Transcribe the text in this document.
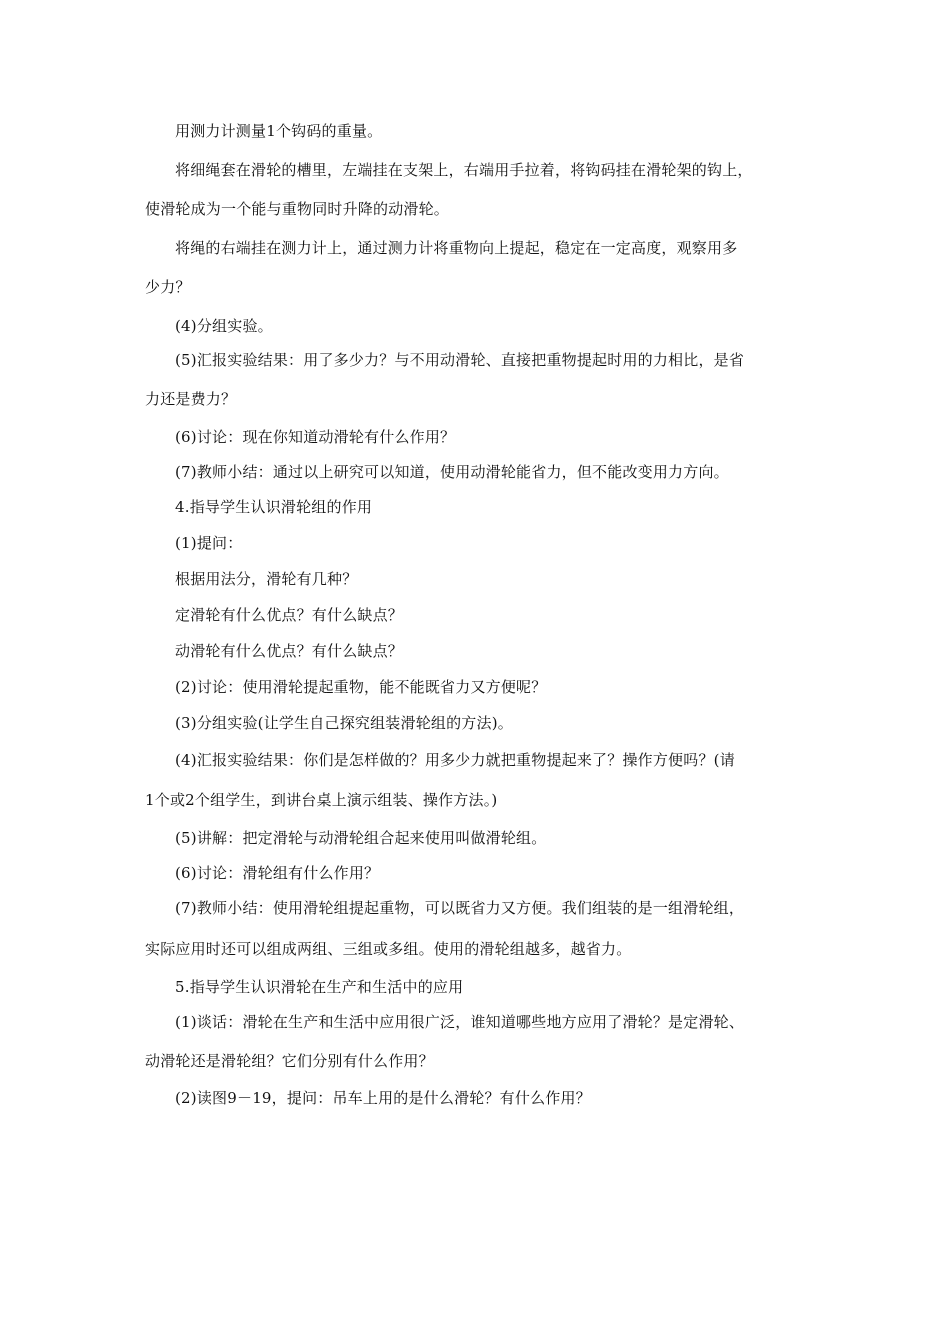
用测力计测量1个钩码的重量。
将细绳套在滑轮的槽里，左端挂在支架上，右端用手拉着，将钩码挂在滑轮架的钩上，
使滑轮成为一个能与重物同时升降的动滑轮。
将绳的右端挂在测力计上，通过测力计将重物向上提起，稳定在一定高度，观察用多
少力？
(4)分组实验。
(5)汇报实验结果：用了多少力？与不用动滑轮、直接把重物提起时用的力相比，是省
力还是费力？
(6)讨论：现在你知道动滑轮有什么作用？
(7)教师小结：通过以上研究可以知道，使用动滑轮能省力，但不能改变用力方向。
4.指导学生认识滑轮组的作用
(1)提问：
根据用法分，滑轮有几种？
定滑轮有什么优点？有什么缺点？
动滑轮有什么优点？有什么缺点？
(2)讨论：使用滑轮提起重物，能不能既省力又方便呢？
(3)分组实验(让学生自己探究组装滑轮组的方法)。
(4)汇报实验结果：你们是怎样做的？用多少力就把重物提起来了？操作方便吗？(请
1个或2个组学生，到讲台桌上演示组装、操作方法。)
(5)讲解：把定滑轮与动滑轮组合起来使用叫做滑轮组。
(6)讨论：滑轮组有什么作用？
(7)教师小结：使用滑轮组提起重物，可以既省力又方便。我们组装的是一组滑轮组，
实际应用时还可以组成两组、三组或多组。使用的滑轮组越多，越省力。
5.指导学生认识滑轮在生产和生活中的应用
(1)谈话：滑轮在生产和生活中应用很广泛，谁知道哪些地方应用了滑轮？是定滑轮、
动滑轮还是滑轮组？它们分别有什么作用？
(2)读图9－19，提问：吊车上用的是什么滑轮？有什么作用？
